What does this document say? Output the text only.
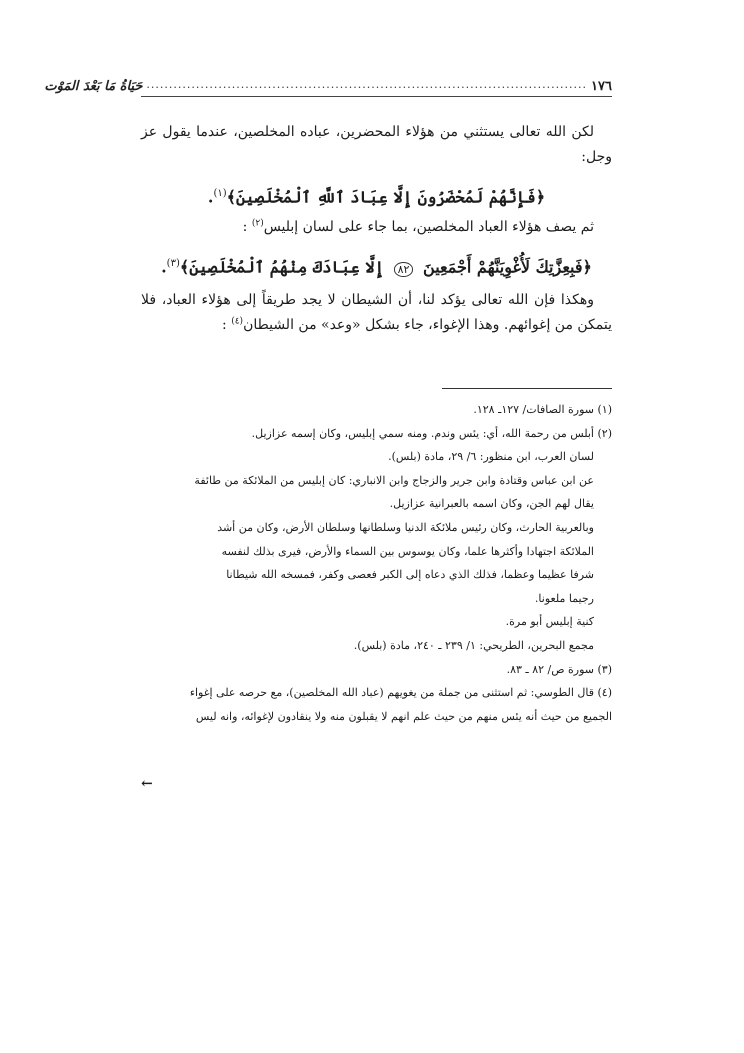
١٧٦
..................................................................................................
حَيَاةُ مَا بَعْدَ المَوْت

لكن الله تعالى يستثني من هؤلاء المحضرين، عباده المخلصين، عندما يقول عز وجل:

﴿فَإِنَّهُمْ لَمُحْضَرُونَ إِلَّا عِبَادَ ٱللَّهِ ٱلْمُخْلَصِينَ﴾$^{(١)}$.

ثم يصف هؤلاء العباد المخلصين، بما جاء على لسان إبليس$^{(٢)}$ :

﴿فَبِعِزَّتِكَ لَأُغْوِيَنَّهُمْ أَجْمَعِينَ ٨٢ إِلَّا عِبَادَكَ مِنْهُمُ ٱلْمُخْلَصِينَ﴾$^{(٣)}$.

وهكذا فإن الله تعالى يؤكد لنا، أن الشيطان لا يجد طريقاً إلى هؤلاء العباد، فلا يتمكن من إغوائهم. وهذا الإغواء، جاء بشكل «وعد» من الشيطان$^{(٤)}$ :

(١) سورة الصافات/ ١٢٧ـ ١٢٨.

(٢) أبلس من رحمة الله، أي: يئس وندم. ومنه سمي إبليس، وكان إسمه عزازيل.

لسان العرب، ابن منظور: ٦/ ٢٩، مادة (بلس).

عن ابن عباس وقتادة وابن جرير والزجاج وابن الانباري: كان إبليس من الملائكة من طائفة

يقال لهم الجن، وكان اسمه بالعبرانية عزازيل.

وبالعربية الحارث، وكان رئيس ملائكة الدنيا وسلطانها وسلطان الأرض، وكان من أشد

الملائكة اجتهادا وأكثرها علما، وكان يوسوس بين السماء والأرض، فيرى بذلك لنفسه

شرفا عظيما وعظما، فذلك الذي دعاه إلى الكبر فعصى وكفر، فمسخه الله شيطانا

رجيما ملعونا.

كنية إبليس أبو مرة.

مجمع البحرين، الطريحي: ١/ ٢٣٩ ـ ٢٤٠، مادة (بلس).

(٣) سورة ص/ ٨٢ ـ ٨٣.

(٤) قال الطوسي: ثم استثنى من جملة من يغويهم (عباد الله المخلصين)، مع حرصه على إغواء

الجميع من حيث أنه يئس منهم من حيث علم انهم لا يقبلون منه ولا ينقادون لإغوائه، وانه ليس

←
